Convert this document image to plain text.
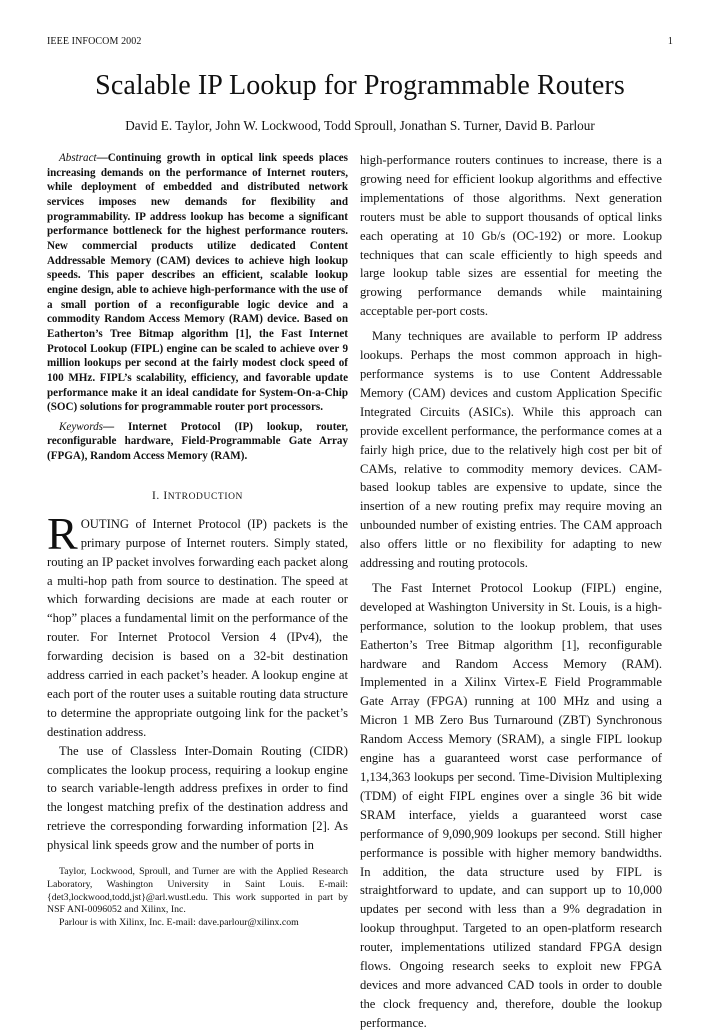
IEEE INFOCOM 2002	1
Scalable IP Lookup for Programmable Routers
David E. Taylor, John W. Lockwood, Todd Sproull, Jonathan S. Turner, David B. Parlour

Abstract—Continuing growth in optical link speeds places increasing demands on the performance of Internet routers, while deployment of embedded and distributed network services imposes new demands for flexibility and programmability. IP address lookup has become a significant performance bottleneck for the highest performance routers. New commercial products utilize dedicated Content Addressable Memory (CAM) devices to achieve high lookup speeds. This paper describes an efficient, scalable lookup engine design, able to achieve high-performance with the use of a small portion of a reconfigurable logic device and a commodity Random Access Memory (RAM) device. Based on Eatherton’s Tree Bitmap algorithm [1], the Fast Internet Protocol Lookup (FIPL) engine can be scaled to achieve over 9 million lookups per second at the fairly modest clock speed of 100 MHz. FIPL’s scalability, efficiency, and favorable update performance make it an ideal candidate for System-On-a-Chip (SOC) solutions for programmable router port processors.

Keywords— Internet Protocol (IP) lookup, router, reconfigurable hardware, Field-Programmable Gate Array (FPGA), Random Access Memory (RAM).

I. INTRODUCTION

ROUTING of Internet Protocol (IP) packets is the primary purpose of Internet routers. Simply stated, routing an IP packet involves forwarding each packet along a multi-hop path from source to destination. The speed at which forwarding decisions are made at each router or “hop” places a fundamental limit on the performance of the router. For Internet Protocol Version 4 (IPv4), the forwarding decision is based on a 32-bit destination address carried in each packet’s header. A lookup engine at each port of the router uses a suitable routing data structure to determine the appropriate outgoing link for the packet’s destination address.

The use of Classless Inter-Domain Routing (CIDR) complicates the lookup process, requiring a lookup engine to search variable-length address prefixes in order to find the longest matching prefix of the destination address and retrieve the corresponding forwarding information [2]. As physical link speeds grow and the number of ports in

Taylor, Lockwood, Sproull, and Turner are with the Applied Research Laboratory, Washington University in Saint Louis. E-mail: {det3,lockwood,todd,jst}@arl.wustl.edu. This work supported in part by NSF ANI-0096052 and Xilinx, Inc.

Parlour is with Xilinx, Inc. E-mail: dave.parlour@xilinx.com

high-performance routers continues to increase, there is a growing need for efficient lookup algorithms and effective implementations of those algorithms. Next generation routers must be able to support thousands of optical links each operating at 10 Gb/s (OC-192) or more. Lookup techniques that can scale efficiently to high speeds and large lookup table sizes are essential for meeting the growing performance demands while maintaining acceptable per-port costs.

Many techniques are available to perform IP address lookups. Perhaps the most common approach in high-performance systems is to use Content Addressable Memory (CAM) devices and custom Application Specific Integrated Circuits (ASICs). While this approach can provide excellent performance, the performance comes at a fairly high price, due to the relatively high cost per bit of CAMs, relative to commodity memory devices. CAM-based lookup tables are expensive to update, since the insertion of a new routing prefix may require moving an unbounded number of existing entries. The CAM approach also offers little or no flexibility for adapting to new addressing and routing protocols.

The Fast Internet Protocol Lookup (FIPL) engine, developed at Washington University in St. Louis, is a high-performance, solution to the lookup problem, that uses Eatherton’s Tree Bitmap algorithm [1], reconfigurable hardware and Random Access Memory (RAM). Implemented in a Xilinx Virtex-E Field Programmable Gate Array (FPGA) running at 100 MHz and using a Micron 1 MB Zero Bus Turnaround (ZBT) Synchronous Random Access Memory (SRAM), a single FIPL lookup engine has a guaranteed worst case performance of 1,134,363 lookups per second. Time-Division Multiplexing (TDM) of eight FIPL engines over a single 36 bit wide SRAM interface, yields a guaranteed worst case performance of 9,090,909 lookups per second. Still higher performance is possible with higher memory bandwidths. In addition, the data structure used by FIPL is straightforward to update, and can support up to 10,000 updates per second with less than a 9% degradation in lookup throughput. Targeted to an open-platform research router, implementations utilized standard FPGA design flows. Ongoing research seeks to exploit new FPGA devices and more advanced CAD tools in order to double the clock frequency and, therefore, double the lookup performance.
